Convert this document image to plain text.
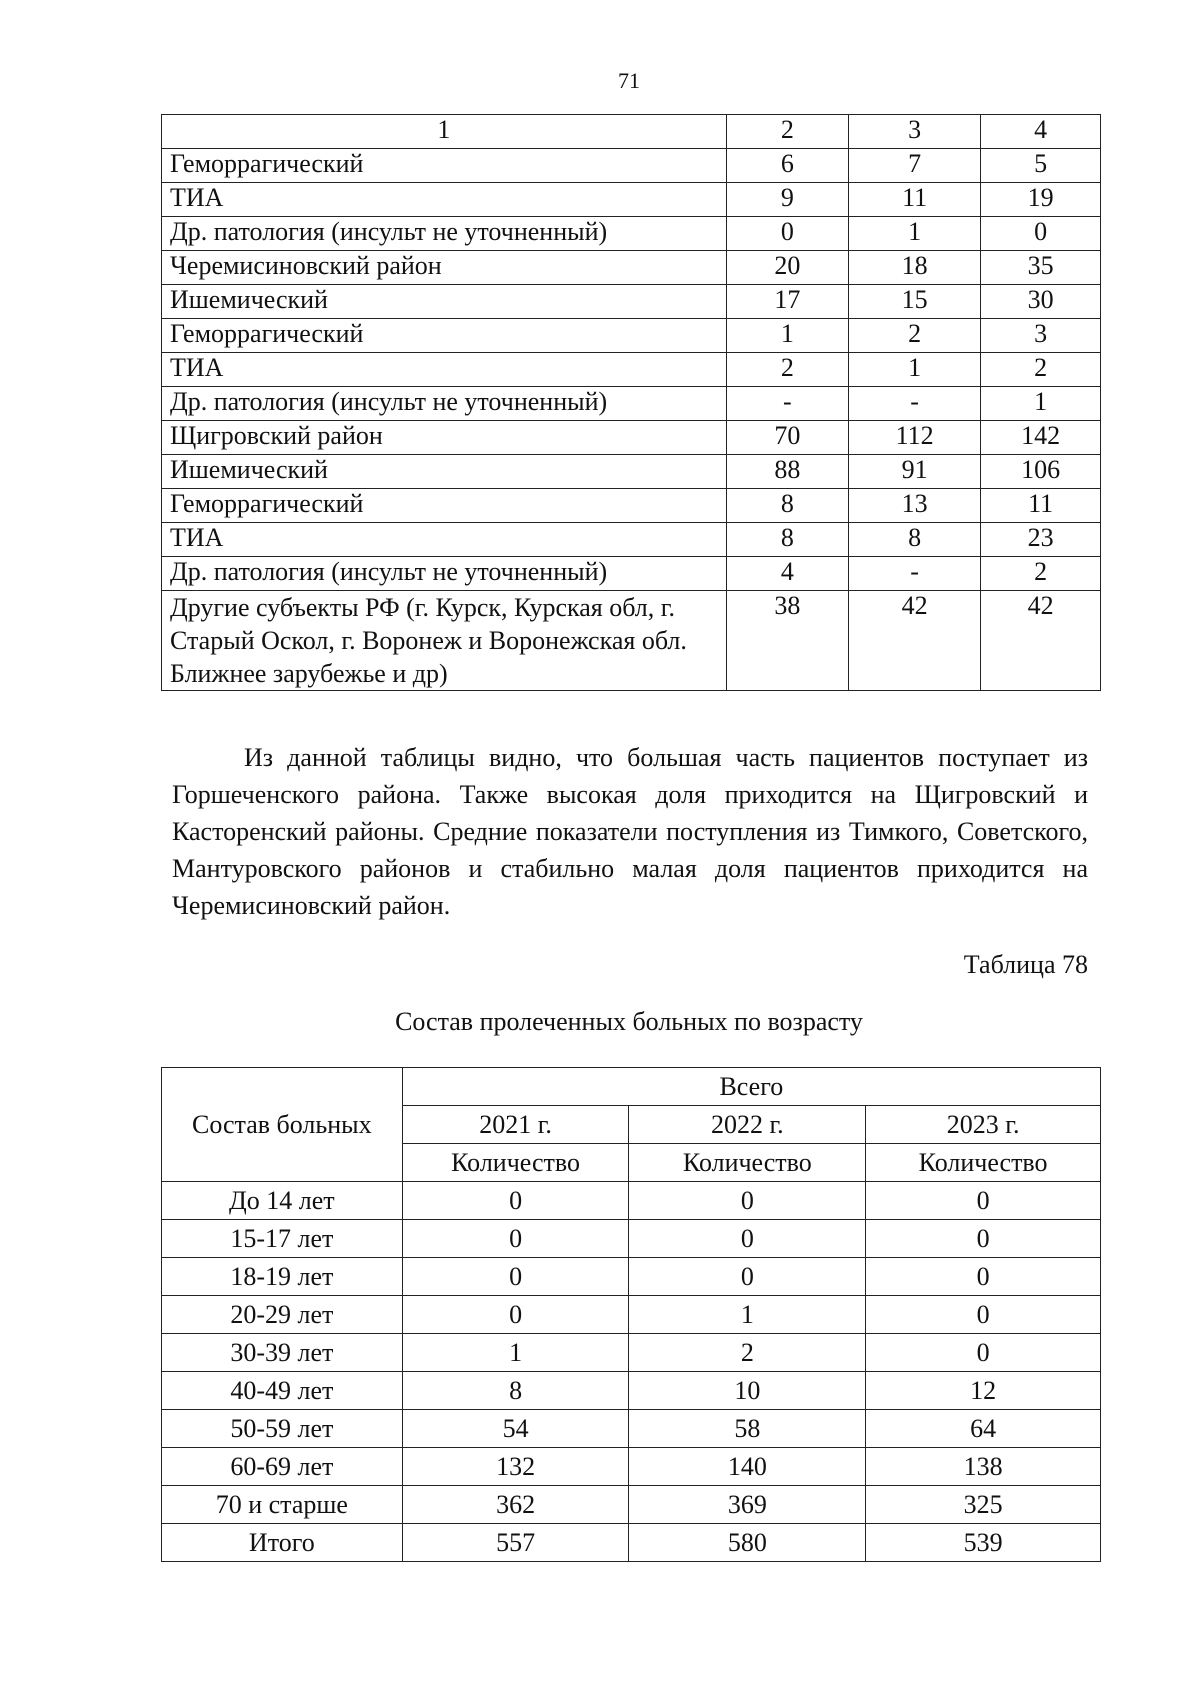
71
1	2	3	4
Геморрагический	6	7	5
ТИА	9	11	19
Др. патология (инсульт не уточненный)	0	1	0
Черемисиновский район	20	18	35
Ишемический	17	15	30
Геморрагический	1	2	3
ТИА	2	1	2
Др. патология (инсульт не уточненный)	-	-	1
Щигровский район	70	112	142
Ишемический	88	91	106
Геморрагический	8	13	11
ТИА	8	8	23
Др. патология (инсульт не уточненный)	4	-	2
Другие субъекты РФ (г. Курск, Курская обл, г. Старый Оскол, г. Воронеж и Воронежская обл. Ближнее зарубежье и др)	38	42	42

Из данной таблицы видно, что большая часть пациентов поступает из Горшеченского района. Также высокая доля приходится на Щигровский и Касторенский районы. Средние показатели поступления из Тимкого, Советского, Мантуровского районов и стабильно малая доля пациентов приходится на Черемисиновский район.

Таблица 78
Состав пролеченных больных по возрасту
Состав больных	Всего		
	2021 г.	2022 г.	2023 г.
	Количество	Количество	Количество
До 14 лет	0	0	0
15-17 лет	0	0	0
18-19 лет	0	0	0
20-29 лет	0	1	0
30-39 лет	1	2	0
40-49 лет	8	10	12
50-59 лет	54	58	64
60-69 лет	132	140	138
70 и старше	362	369	325
Итого	557	580	539
